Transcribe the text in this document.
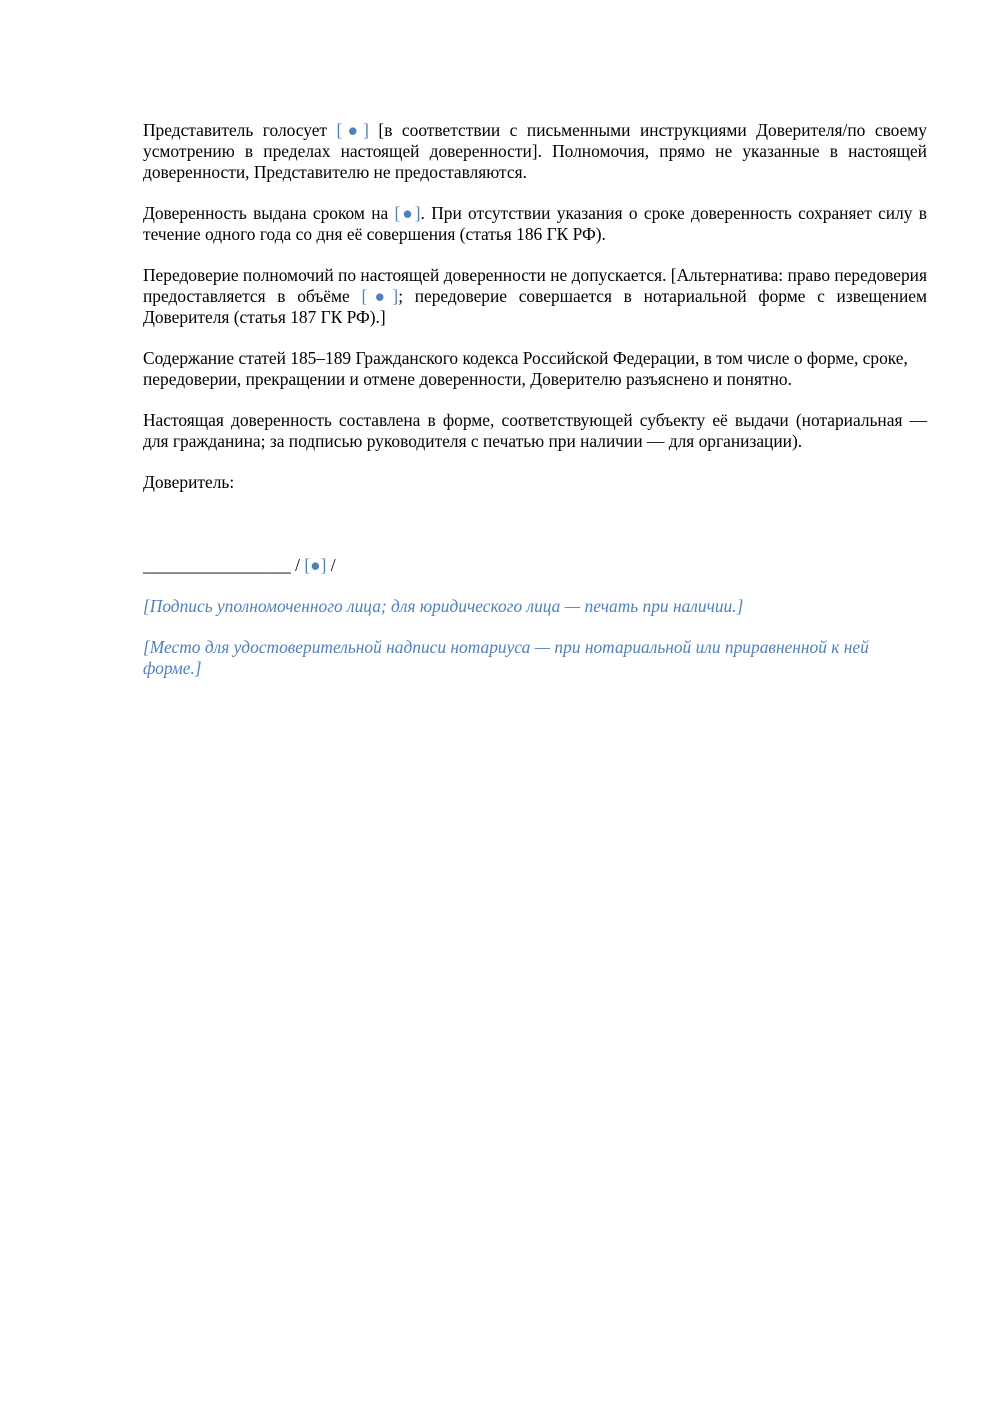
Представитель голосует [●] [в соответствии с письменными инструкциями Доверителя/по своему усмотрению в пределах настоящей доверенности]. Полномочия, прямо не указанные в настоящей доверенности, Представителю не предоставляются.

Доверенность выдана сроком на [●]. При отсутствии указания о сроке доверенность сохраняет силу в течение одного года со дня её совершения (статья 186 ГК РФ).

Передоверие полномочий по настоящей доверенности не допускается. [Альтернатива: право передоверия предоставляется в объёме [●]; передоверие совершается в нотариальной форме с извещением Доверителя (статья 187 ГК РФ).]

Содержание статей 185–189 Гражданского кодекса Российской Федерации, в том числе о форме, сроке, передоверии, прекращении и отмене доверенности, Доверителю разъяснено и понятно.

Настоящая доверенность составлена в форме, соответствующей субъекту её выдачи (нотариальная — для гражданина; за подписью руководителя с печатью при наличии — для организации).

Доверитель:

_________________ / [●] /

[Подпись уполномоченного лица; для юридического лица — печать при наличии.]

[Место для удостоверительной надписи нотариуса — при нотариальной или приравненной к ней форме.]
